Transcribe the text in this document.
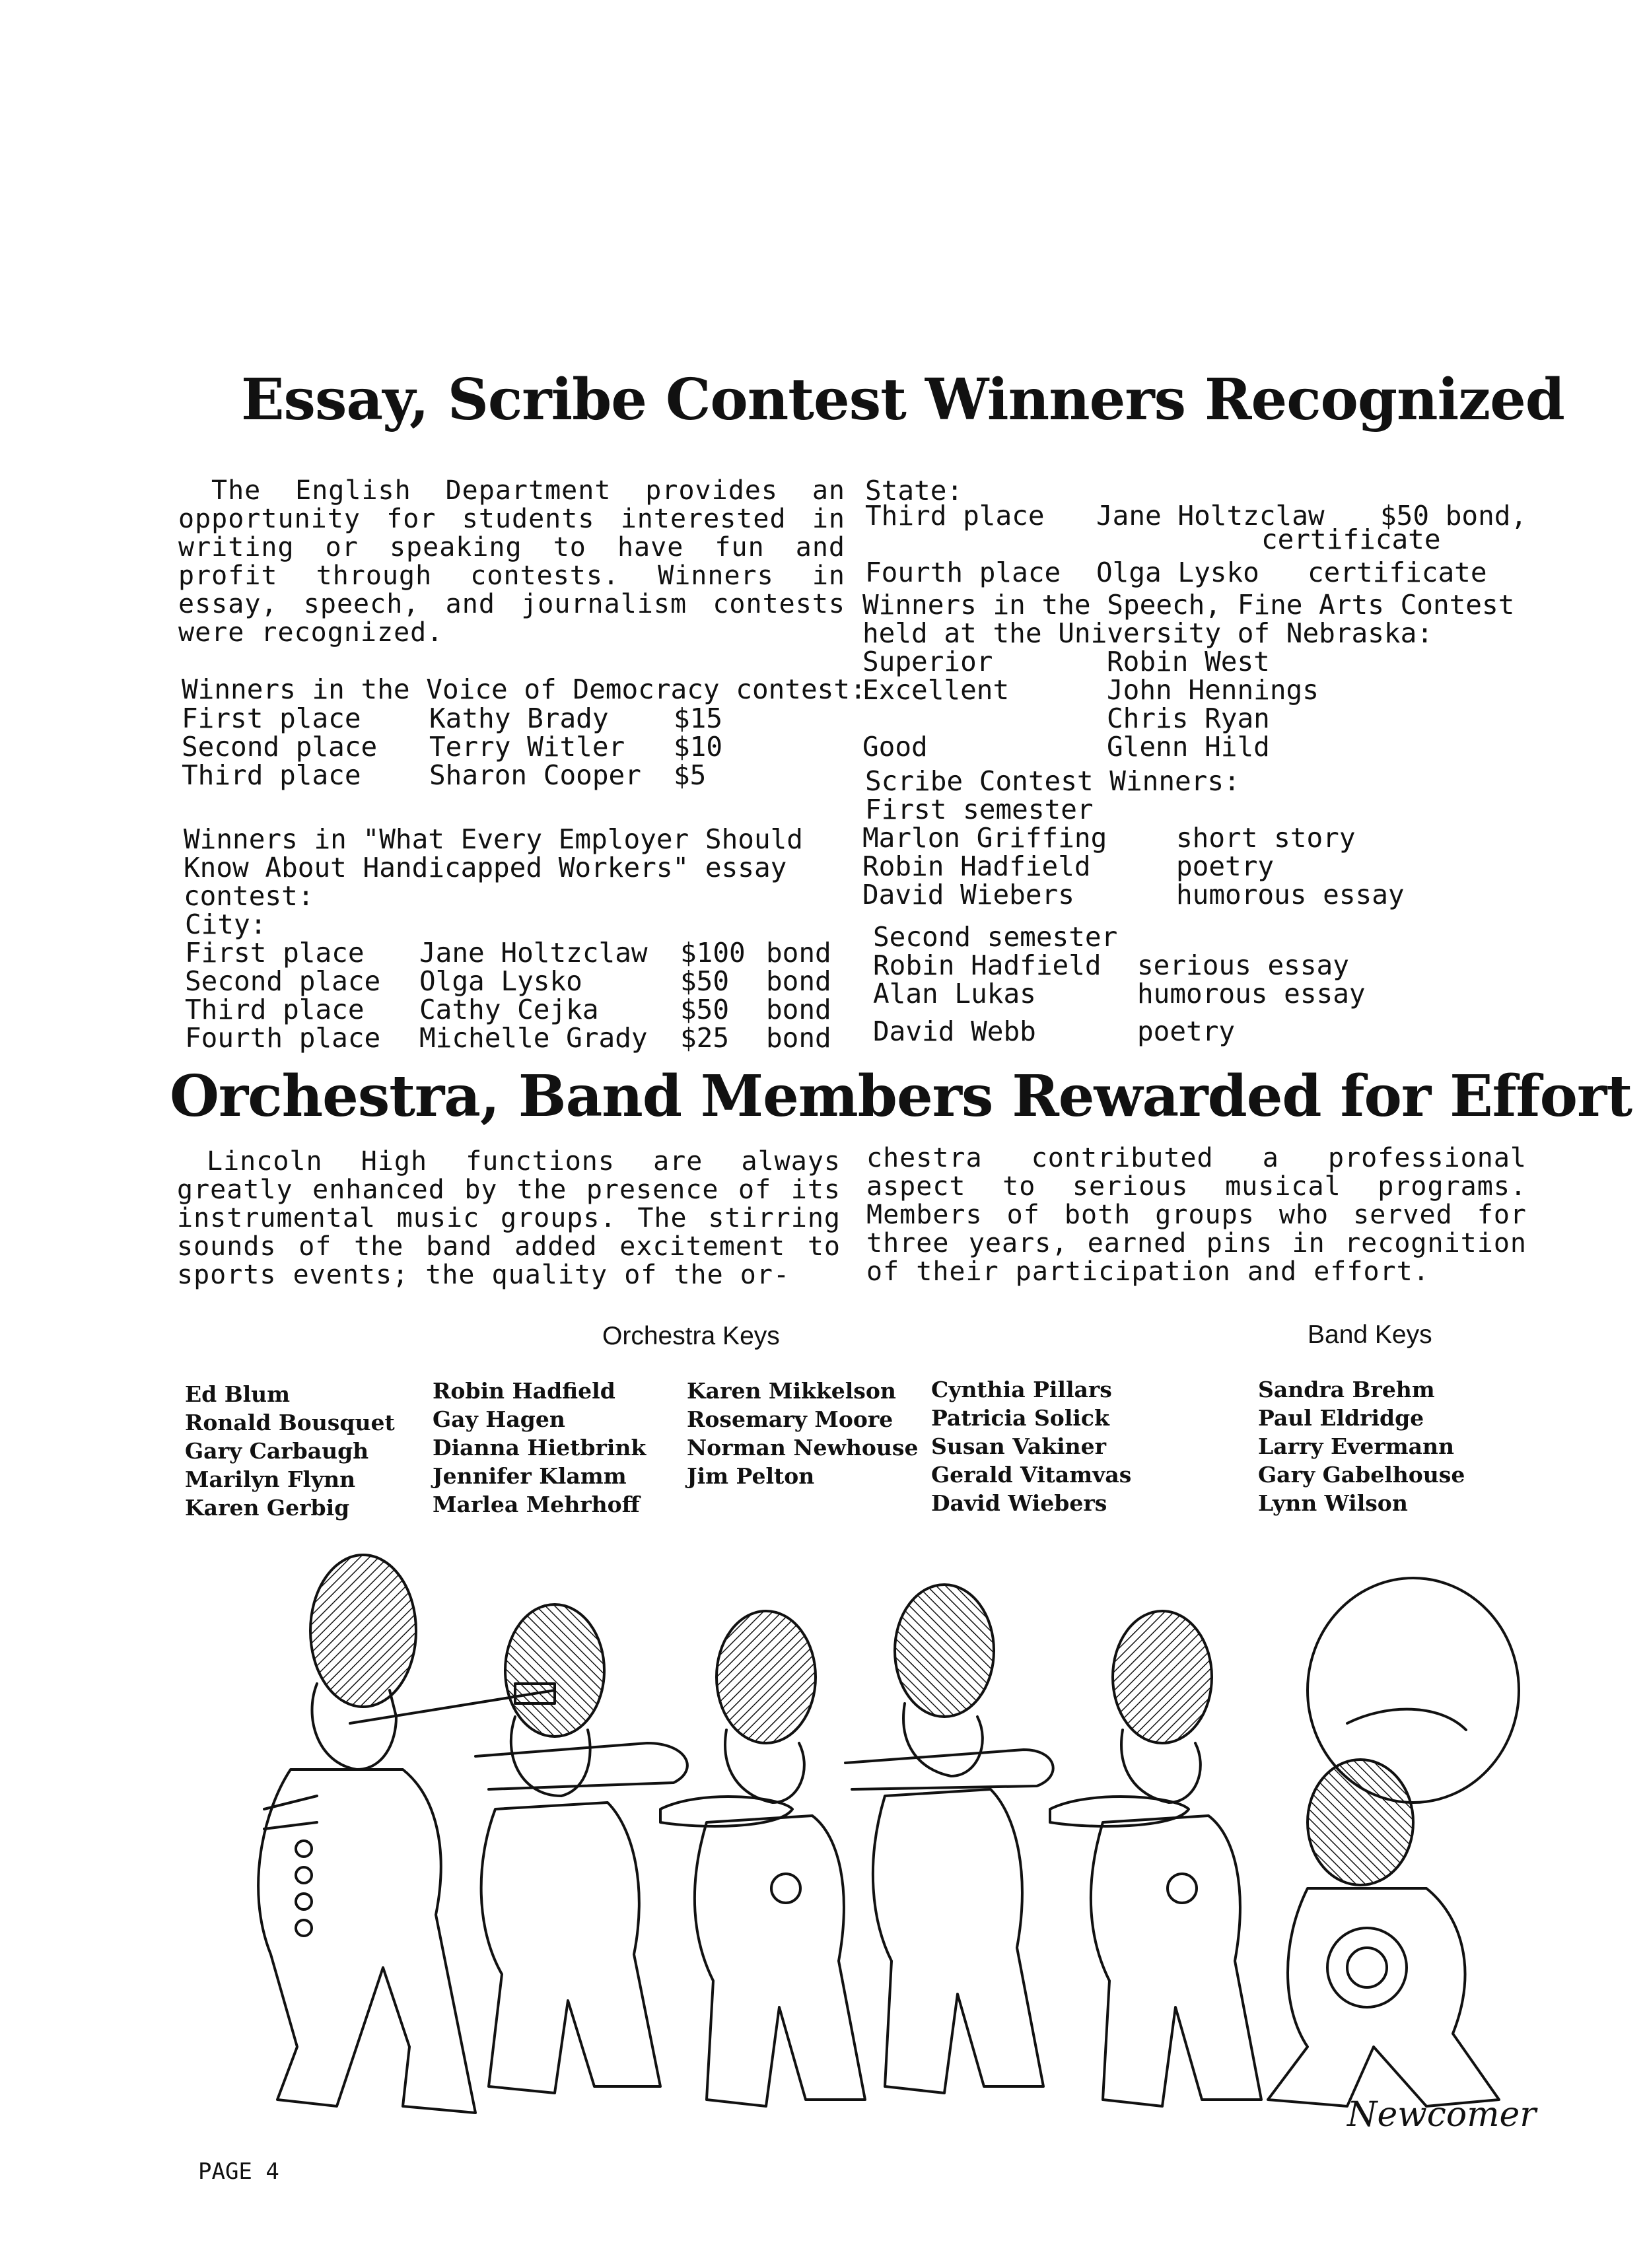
Essay, Scribe Contest Winners Recognized
The English Department provides an opportunity for students interested in writing or speaking to have fun and profit through contests. Winners in essay, speech, and journalism contests were recognized.
Winners in the Voice of Democracy contest:
First place	Kathy Brady $15
Second place Terry Witler $10
Third place	Sharon Cooper $5
Winners in "What Every Employer Should
Know About Handicapped Workers" essay
contest:
City:
First place Jane Holtzclaw $100 bond
Second place Olga Lysko	$50 bond
Third place Cathy Cejka	$50 bond
Fourth place Michelle Grady $25 bond
State:
Third place Jane Holtzclaw $50 bond,
certificate
Fourth place Olga Lysko certificate
Winners in the Speech, Fine Arts Contest
held at the University of Nebraska:
Superior	Robin West
Excellent	John Hennings
Chris Ryan
Good	Glenn Hild
Scribe Contest Winners:
First semester
Marlon Griffing	short story
Robin Hadfield	poetry
David Wiebers	humorous essay
Second semester
Robin Hadfield serious essay
Alan Lukas	humorous essay
David Webb	poetry
Orchestra, Band Members Rewarded for Effort
Lincoln High functions are always greatly enhanced by the presence of its instrumental music groups. The stirring sounds of the band added excitement to sports events; the quality of the or-
chestra contributed a professional aspect to serious musical programs. Members of both groups who served for three years, earned pins in recognition of their participation and effort.
Orchestra Keys	Band Keys
Ed Blum
Ronald Bousquet
Gary Carbaugh
Marilyn Flynn
Karen Gerbig
Robin Hadfield
Gay Hagen
Dianna Hietbrink
Jennifer Klamm
Marlea Mehrhoff
Karen Mikkelson
Rosemary Moore
Norman Newhouse
Jim Pelton
Cynthia Pillars
Patricia Solick
Susan Vakiner
Gerald Vitamvas
David Wiebers
Sandra Brehm
Paul Eldridge
Larry Evermann
Gary Gabelhouse
Lynn Wilson
Newcomer
PAGE 4
